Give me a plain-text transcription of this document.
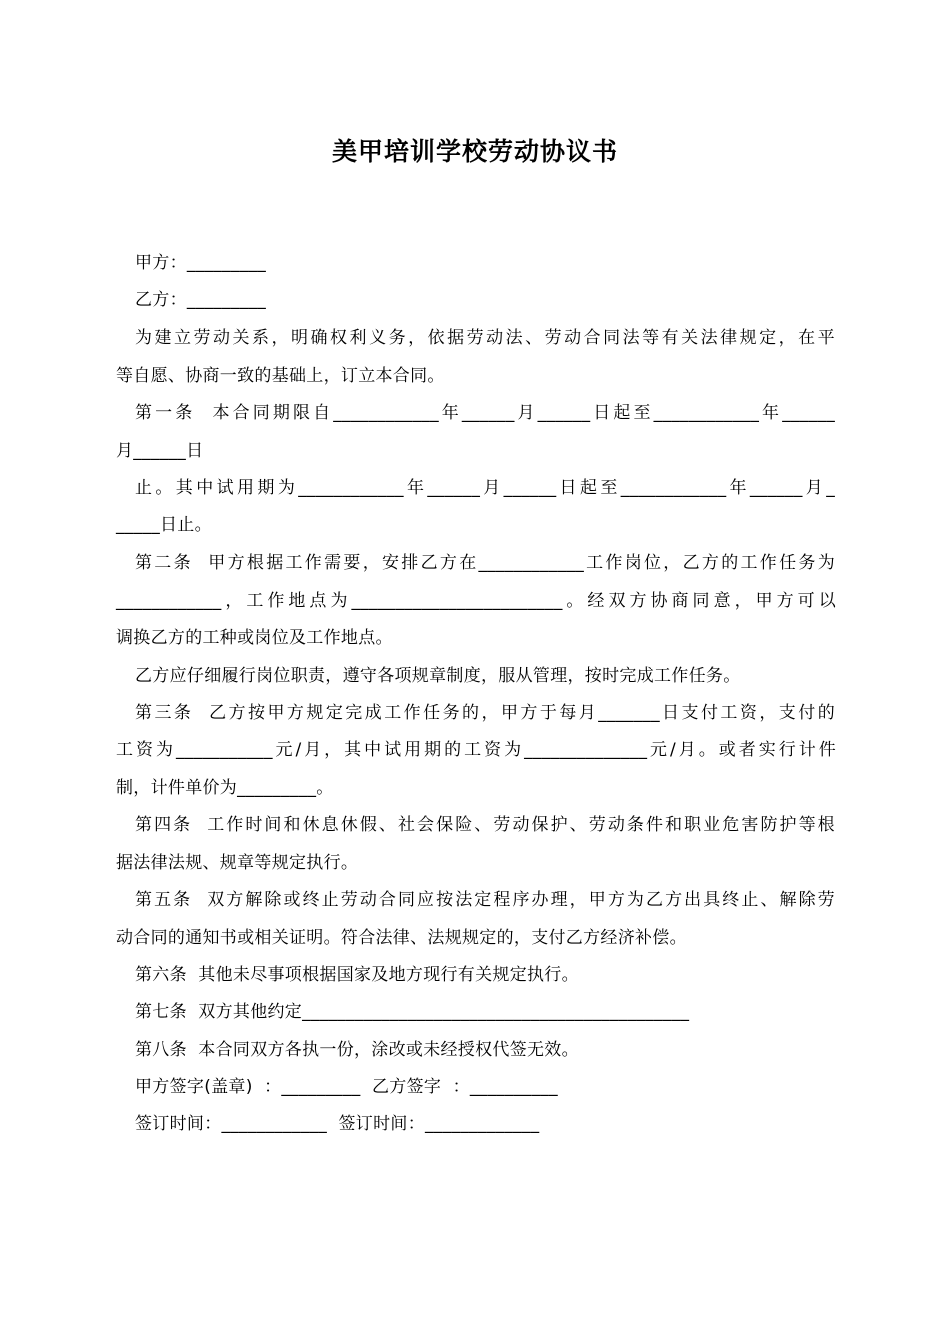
美甲培训学校劳动协议书
甲方：_________
乙方：_________
为建立劳动关系，明确权利义务，依据劳动法、劳动合同法等有关法律规定，在平
等自愿、协商一致的基础上，订立本合同。
第一条  本合同期限自____________年______月______日起至____________年______
月______日
止。其中试用期为____________年______月______日起至____________年______月_
_____日止。
第二条  甲方根据工作需要，安排乙方在____________工作岗位，乙方的工作任务为
____________，工作地点为________________________。经双方协商同意，甲方可以
调换乙方的工种或岗位及工作地点。
乙方应仔细履行岗位职责，遵守各项规章制度，服从管理，按时完成工作任务。
第三条  乙方按甲方规定完成工作任务的，甲方于每月_______日支付工资，支付的
工资为___________元/月，其中试用期的工资为______________元/月。或者实行计件
制，计件单价为_________。
第四条  工作时间和休息休假、社会保险、劳动保护、劳动条件和职业危害防护等根
据法律法规、规章等规定执行。
第五条  双方解除或终止劳动合同应按法定程序办理，甲方为乙方出具终止、解除劳
动合同的通知书或相关证明。符合法律、法规规定的，支付乙方经济补偿。
第六条  其他未尽事项根据国家及地方现行有关规定执行。
第七条  双方其他约定____________________________________________
第八条  本合同双方各执一份，涂改或未经授权代签无效。
甲方签字(盖章)  ：_________  乙方签字  ：__________
签订时间：____________  签订时间：_____________
